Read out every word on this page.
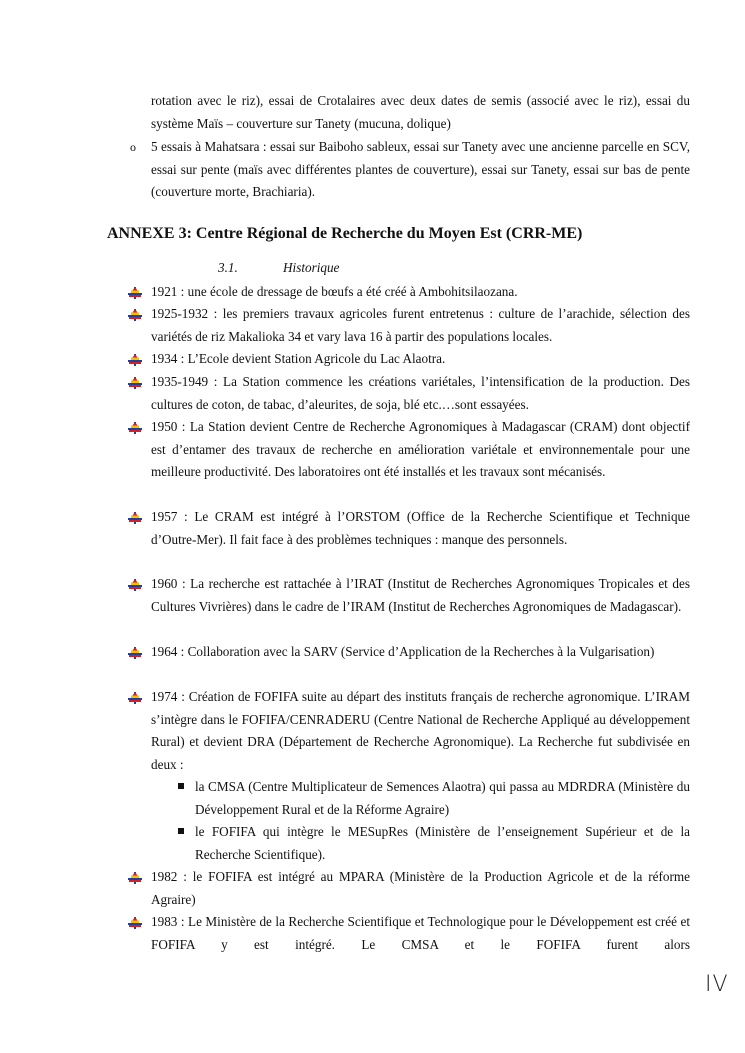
rotation avec le riz), essai de Crotalaires avec deux dates de semis (associé avec le riz), essai du système Maïs – couverture sur Tanety (mucuna, dolique)

o 5 essais à Mahatsara : essai sur Baiboho sableux, essai sur Tanety avec une ancienne parcelle en SCV, essai sur pente (maïs avec différentes plantes de couverture), essai sur Tanety, essai sur bas de pente (couverture morte, Brachiaria).

ANNEXE 3: Centre Régional de Recherche du Moyen Est (CRR-ME)
3.1.	Historique

1921 : une école de dressage de bœufs a été créé à Ambohitsilaozana.

1925-1932 : les premiers travaux agricoles furent entretenus : culture de l’arachide, sélection des variétés de riz Makalioka 34 et vary lava 16 à partir des populations locales.

1934 : L’Ecole devient Station Agricole du Lac Alaotra.

1935-1949 : La Station commence les créations variétales, l’intensification de la production. Des cultures de coton, de tabac, d’aleurites, de soja, blé etc.…sont essayées.

1950 : La Station devient Centre de Recherche Agronomiques à Madagascar (CRAM) dont objectif est d’entamer des travaux de recherche en amélioration variétale et environnementale pour une meilleure productivité. Des laboratoires ont été installés et les travaux sont mécanisés.

1957 : Le CRAM est intégré à l’ORSTOM (Office de la Recherche Scientifique et Technique d’Outre-Mer). Il fait face à des problèmes techniques : manque des personnels.

1960 : La recherche est rattachée à l’IRAT (Institut de Recherches Agronomiques Tropicales et des Cultures Vivrières) dans le cadre de l’IRAM (Institut de Recherches Agronomiques de Madagascar).

1964 : Collaboration avec la SARV (Service d’Application de la Recherches à la Vulgarisation)

1974 : Création de FOFIFA suite au départ des instituts français de recherche agronomique. L’IRAM s’intègre dans le FOFIFA/CENRADERU (Centre National de Recherche Appliqué au développement Rural) et devient DRA (Département de Recherche Agronomique). La Recherche fut subdivisée en deux :

la CMSA (Centre Multiplicateur de Semences Alaotra) qui passa au MDRDRA (Ministère du Développement Rural et de la Réforme Agraire)

le FOFIFA qui intègre le MESupRes (Ministère de l’enseignement Supérieur et de la Recherche Scientifique).

1982 : le FOFIFA est intégré au MPARA (Ministère de la Production Agricole et de la réforme Agraire)

1983 : Le Ministère de la Recherche Scientifique et Technologique pour le Développement est créé et FOFIFA y est intégré. Le CMSA et le FOFIFA furent alors

IV
